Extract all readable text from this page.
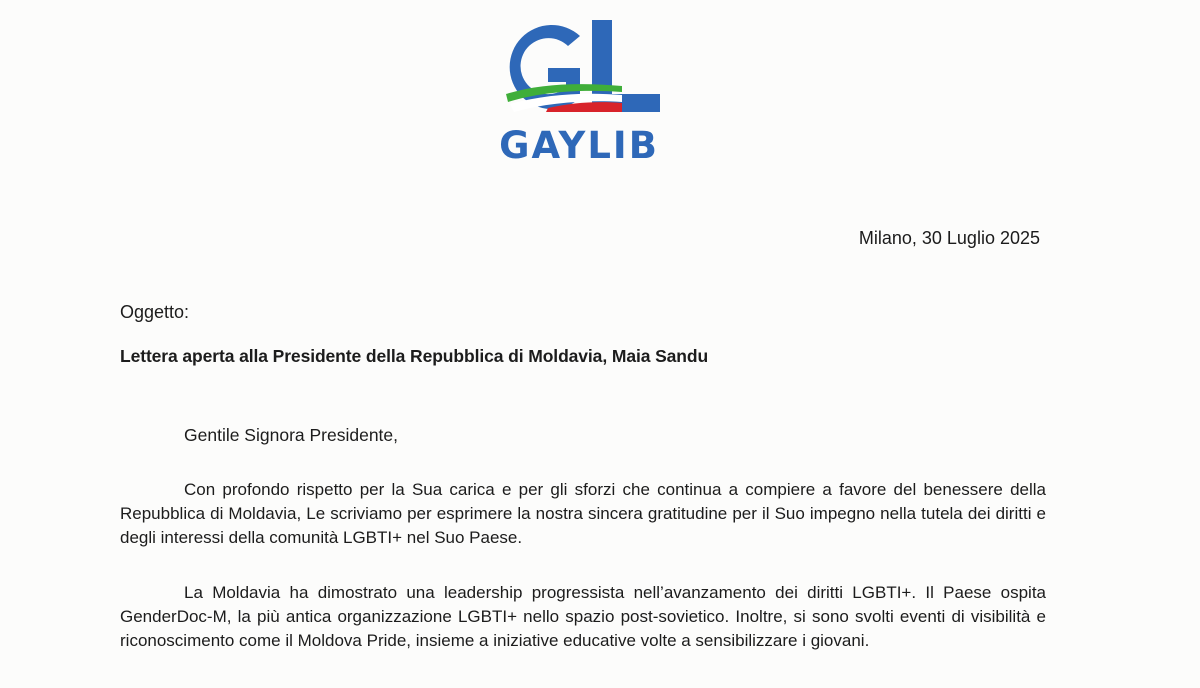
GAYLIB
Milano, 30 Luglio 2025
Oggetto:
Lettera aperta alla Presidente della Repubblica di Moldavia, Maia Sandu
Gentile Signora Presidente,

Con profondo rispetto per la Sua carica e per gli sforzi che continua a compiere a favore del benessere della Repubblica di Moldavia, Le scriviamo per esprimere la nostra sincera gratitudine per il Suo impegno nella tutela dei diritti e degli interessi della comunità LGBTI+ nel Suo Paese.

La Moldavia ha dimostrato una leadership progressista nell’avanzamento dei diritti LGBTI+. Il Paese ospita GenderDoc-M, la più antica organizzazione LGBTI+ nello spazio post-sovietico. Inoltre, si sono svolti eventi di visibilità e riconoscimento come il Moldova Pride, insieme a iniziative educative volte a sensibilizzare i giovani.
